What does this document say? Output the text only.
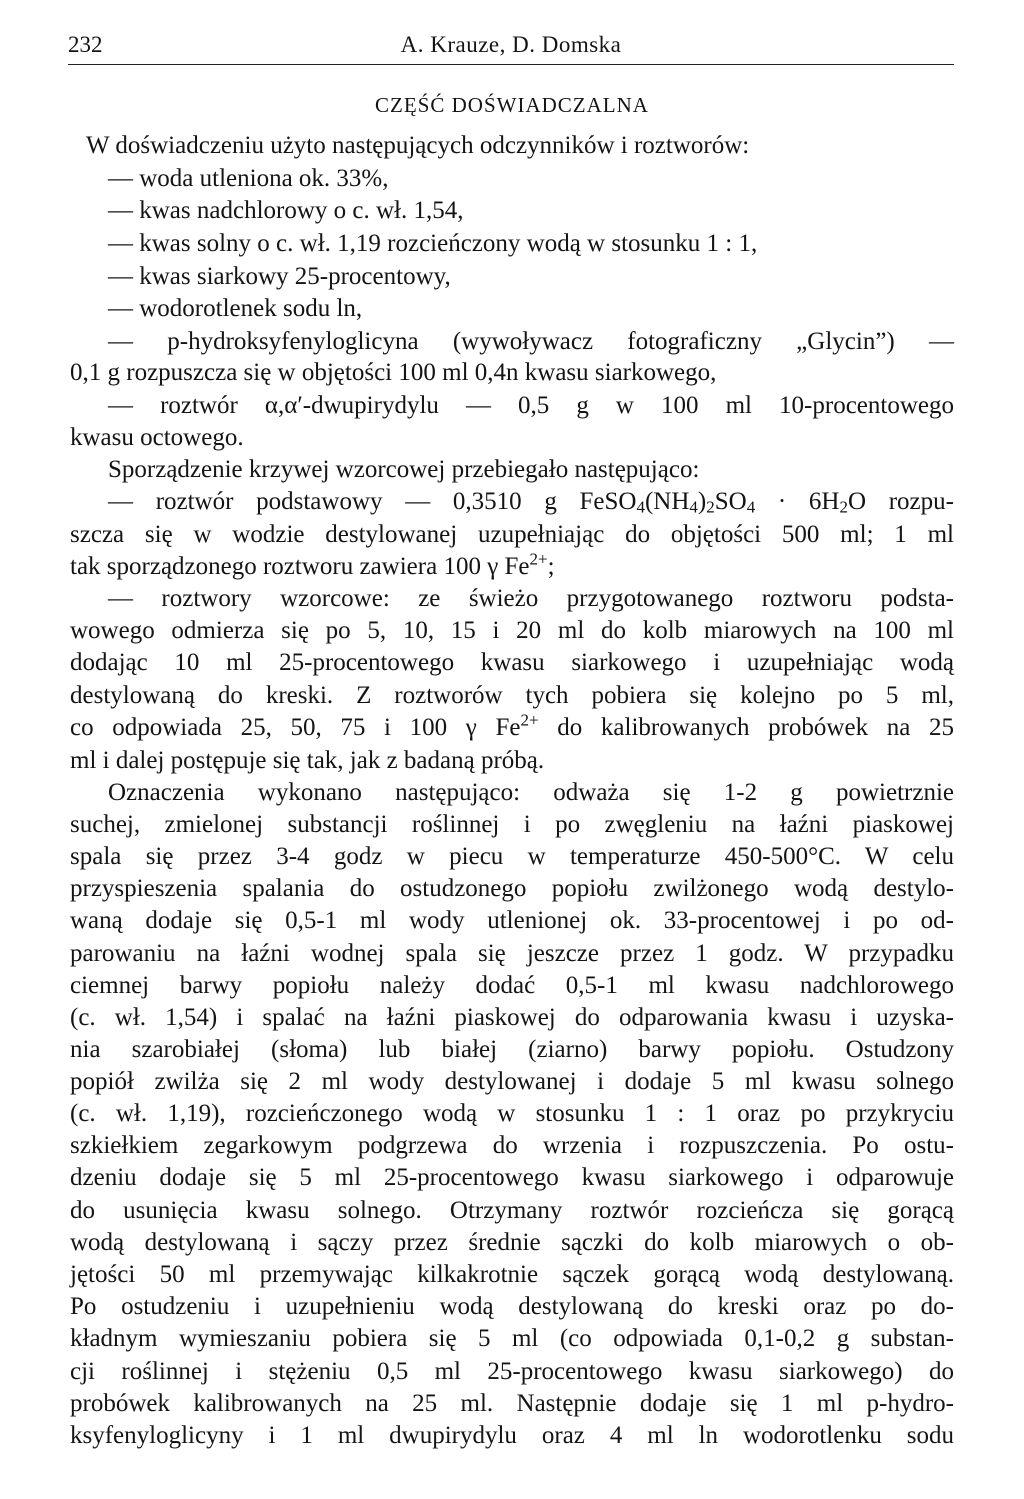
232	A. Krauze, D. Domska
CZĘŚĆ DOŚWIADCZALNA
W doświadczeniu użyto następujących odczynników i roztworów:
— woda utleniona ok. 33%,
— kwas nadchlorowy o c. wł. 1,54,
— kwas solny o c. wł. 1,19 rozcieńczony wodą w stosunku 1 : 1,
— kwas siarkowy 25-procentowy,
— wodorotlenek sodu ln,
— p-hydroksyfenyloglicyna (wywoływacz fotograficzny „Glycin”) —
0,1 g rozpuszcza się w objętości 100 ml 0,4n kwasu siarkowego,
— roztwór α,α′-dwupirydylu — 0,5 g w 100 ml 10-procentowego
kwasu octowego.
Sporządzenie krzywej wzorcowej przebiegało następująco:
— roztwór podstawowy — 0,3510 g $FeSO_4(NH_4)_2SO_4 \cdot 6H_2O$ rozpu-
szcza się w wodzie destylowanej uzupełniając do objętości 500 ml; 1 ml
tak sporządzonego roztworu zawiera 100 γ $Fe^{2+}$;
— roztwory wzorcowe: ze świeżo przygotowanego roztworu podsta-
wowego odmierza się po 5, 10, 15 i 20 ml do kolb miarowych na 100 ml
dodając 10 ml 25-procentowego kwasu siarkowego i uzupełniając wodą
destylowaną do kreski. Z roztworów tych pobiera się kolejno po 5 ml,
co odpowiada 25, 50, 75 i 100 γ $Fe^{2+}$ do kalibrowanych probówek na 25
ml i dalej postępuje się tak, jak z badaną próbą.
Oznaczenia wykonano następująco: odważa się 1-2 g powietrznie
suchej, zmielonej substancji roślinnej i po zwęgleniu na łaźni piaskowej
spala się przez 3-4 godz w piecu w temperaturze 450-500°C. W celu
przyspieszenia spalania do ostudzonego popiołu zwilżonego wodą destylo-
waną dodaje się 0,5-1 ml wody utlenionej ok. 33-procentowej i po od-
parowaniu na łaźni wodnej spala się jeszcze przez 1 godz. W przypadku
ciemnej barwy popiołu należy dodać 0,5-1 ml kwasu nadchlorowego
(c. wł. 1,54) i spalać na łaźni piaskowej do odparowania kwasu i uzyska-
nia szarobiałej (słoma) lub białej (ziarno) barwy popiołu. Ostudzony
popiół zwilża się 2 ml wody destylowanej i dodaje 5 ml kwasu solnego
(c. wł. 1,19), rozcieńczonego wodą w stosunku 1 : 1 oraz po przykryciu
szkiełkiem zegarkowym podgrzewa do wrzenia i rozpuszczenia. Po ostu-
dzeniu dodaje się 5 ml 25-procentowego kwasu siarkowego i odparowuje
do usunięcia kwasu solnego. Otrzymany roztwór rozcieńcza się gorącą
wodą destylowaną i sączy przez średnie sączki do kolb miarowych o ob-
jętości 50 ml przemywając kilkakrotnie sączek gorącą wodą destylowaną.
Po ostudzeniu i uzupełnieniu wodą destylowaną do kreski oraz po do-
kładnym wymieszaniu pobiera się 5 ml (co odpowiada 0,1-0,2 g substan-
cji roślinnej i stężeniu 0,5 ml 25-procentowego kwasu siarkowego) do
probówek kalibrowanych na 25 ml. Następnie dodaje się 1 ml p-hydro-
ksyfenyloglicyny i 1 ml dwupirydylu oraz 4 ml ln wodorotlenku sodu
